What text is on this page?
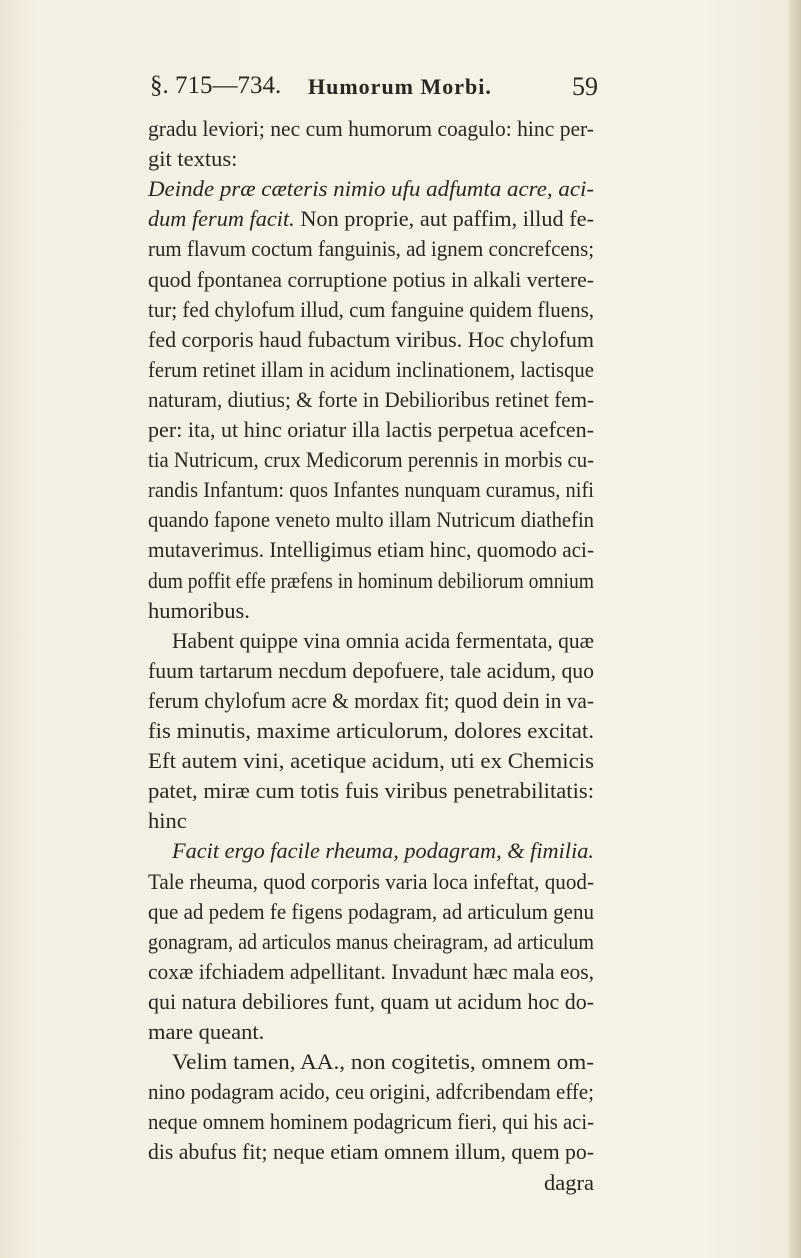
§. 715—734. Humorum Morbi.	59
gradu leviori; nec cum humorum coagulo: hinc per-
git textus:
Deinde præ cæteris nimio ufu adfumta acre, aci-
dum ferum facit. Non proprie, aut paffim, illud fe-
rum flavum coctum fanguinis, ad ignem concrefcens;
quod fpontanea corruptione potius in alkali vertere-
tur; fed chylofum illud, cum fanguine quidem fluens,
fed corporis haud fubactum viribus. Hoc chylofum
ferum retinet illam in acidum inclinationem, lactisque
naturam, diutius; & forte in Debilioribus retinet fem-
per: ita, ut hinc oriatur illa lactis perpetua acefcen-
tia Nutricum, crux Medicorum perennis in morbis cu-
randis Infantum: quos Infantes nunquam curamus, nifi
quando fapone veneto multo illam Nutricum diathefin
mutaverimus. Intelligimus etiam hinc, quomodo aci-
dum poffit effe præfens in hominum debiliorum omnium
humoribus.
Habent quippe vina omnia acida fermentata, quæ
fuum tartarum necdum depofuere, tale acidum, quo
ferum chylofum acre & mordax fit; quod dein in va-
fis minutis, maxime articulorum, dolores excitat.
Eft autem vini, acetique acidum, uti ex Chemicis
patet, miræ cum totis fuis viribus penetrabilitatis:
hinc
Facit ergo facile rheuma, podagram, & fimilia.
Tale rheuma, quod corporis varia loca infeftat, quod-
que ad pedem fe figens podagram, ad articulum genu
gonagram, ad articulos manus cheiragram, ad articulum
coxæ ifchiadem adpellitant. Invadunt hæc mala eos,
qui natura debiliores funt, quam ut acidum hoc do-
mare queant.
Velim tamen, AA., non cogitetis, omnem om-
nino podagram acido, ceu origini, adfcribendam effe;
neque omnem hominem podagricum fieri, qui his aci-
dis abufus fit; neque etiam omnem illum, quem po-
dagra
